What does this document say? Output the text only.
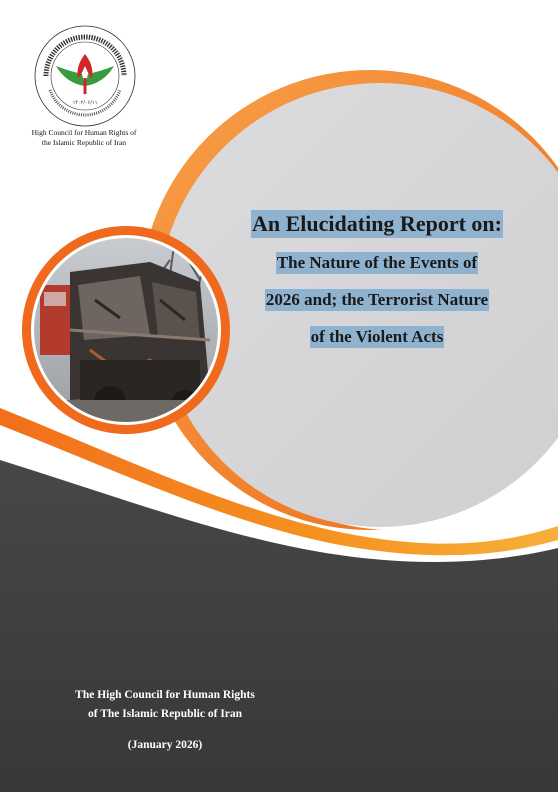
No. 1
۱۴۰۲/۰۶/۱۱
High Council for Human Rights of
the Islamic Republic of Iran
An Elucidating Report on:
The Nature of the Events of
2026 and; the Terrorist Nature
of the Violent Acts
The High Council for Human Rights
of The Islamic Republic of Iran
(January 2026)
